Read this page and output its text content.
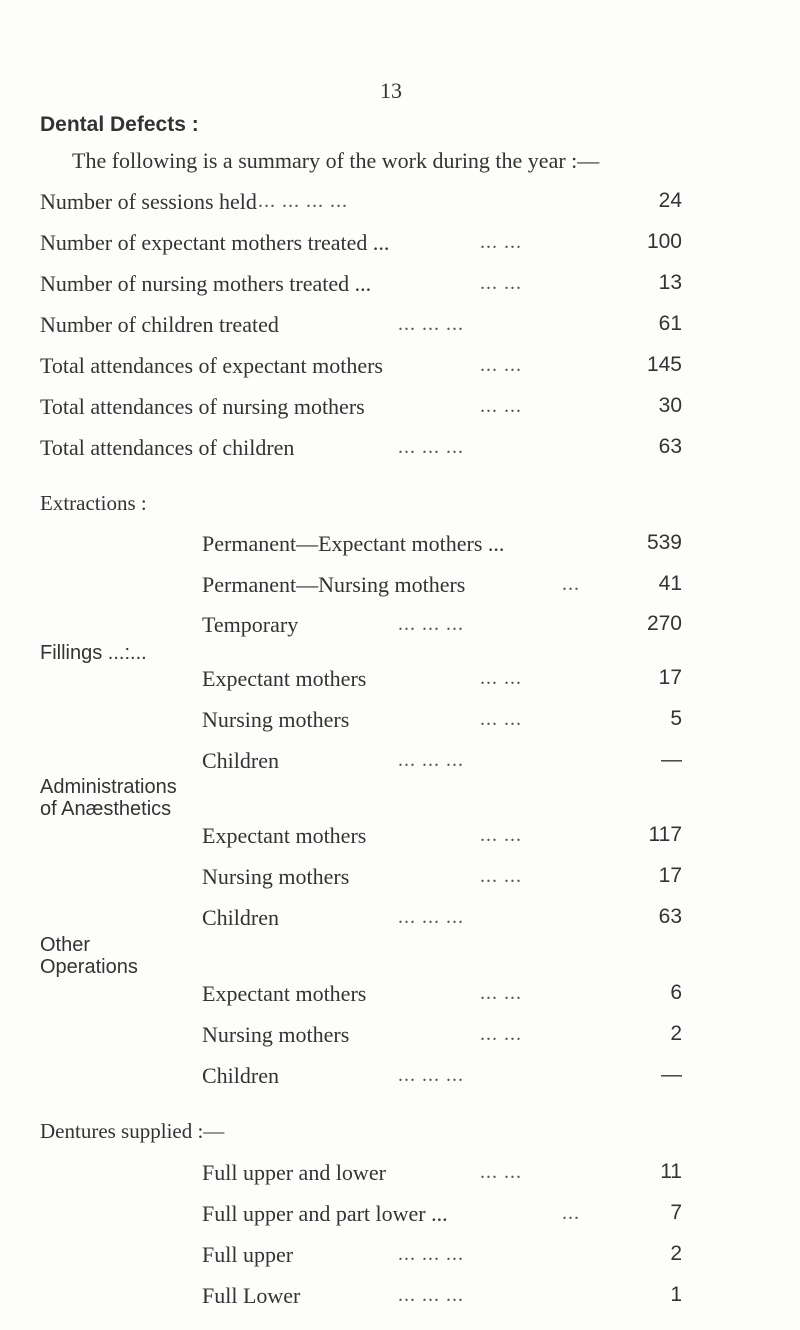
13
Dental Defects :
The following is a summary of the work during the year :—
Number of sessions held ... ... ... ...	24
Number of expectant mothers treated ...	... ...	100
Number of nursing mothers treated ...	... ...	13
Number of children treated	... ... ...	61
Total attendances of expectant mothers	... ...	145
Total attendances of nursing mothers	... ...	30
Total attendances of children	... ... ...	63
Extractions :
Permanent—Expectant mothers ...	539
Permanent—Nursing mothers	...	41
Temporary	... ... ...	270
Fillings ...:...
Expectant mothers	... ...	17
Nursing mothers	... ...	5
Children	... ... ...	—
Administrations
of Anæsthetics
Expectant mothers	... ...	117
Nursing mothers	... ...	17
Children	... ... ...	63
Other
Operations
Expectant mothers	... ...	6
Nursing mothers	... ...	2
Children	... ... ...	—
Dentures supplied :—
Full upper and lower	... ...	11
Full upper and part lower ...	...	7
Full upper	... ... ...	2
Full Lower	... ... ...	1
